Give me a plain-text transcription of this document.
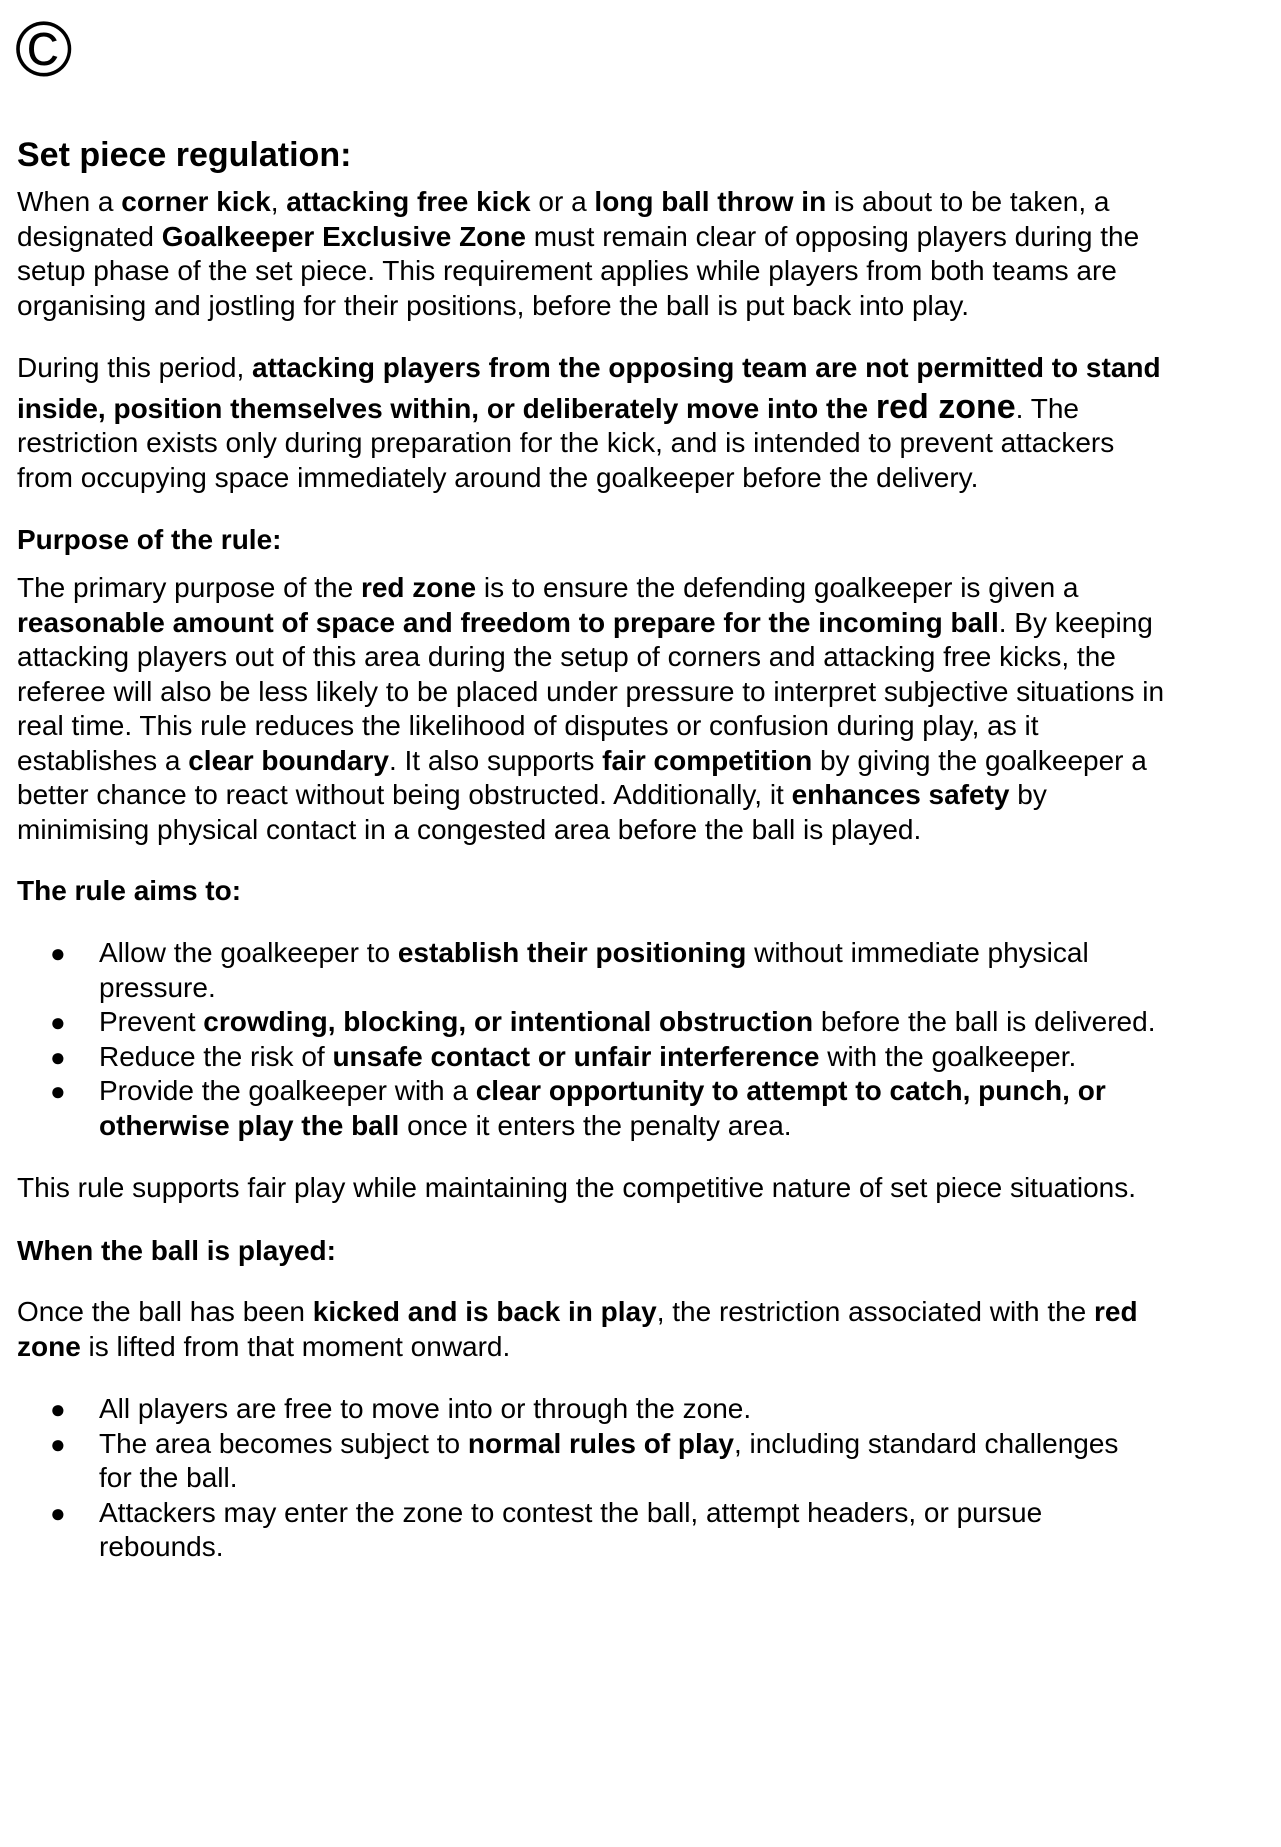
©
Set piece regulation:

When a corner kick, attacking free kick or a long ball throw in is about to be taken, a

designated Goalkeeper Exclusive Zone must remain clear of opposing players during the

setup phase of the set piece. This requirement applies while players from both teams are

organising and jostling for their positions, before the ball is put back into play.

During this period, attacking players from the opposing team are not permitted to stand

inside, position themselves within, or deliberately move into the red zone. The

restriction exists only during preparation for the kick, and is intended to prevent attackers

from occupying space immediately around the goalkeeper before the delivery.

Purpose of the rule:

The primary purpose of the red zone is to ensure the defending goalkeeper is given a

reasonable amount of space and freedom to prepare for the incoming ball. By keeping

attacking players out of this area during the setup of corners and attacking free kicks, the

referee will also be less likely to be placed under pressure to interpret subjective situations in

real time. This rule reduces the likelihood of disputes or confusion during play, as it

establishes a clear boundary. It also supports fair competition by giving the goalkeeper a

better chance to react without being obstructed. Additionally, it enhances safety by

minimising physical contact in a congested area before the ball is played.

The rule aims to:

● Allow the goalkeeper to establish their positioning without immediate physical
pressure.
● Prevent crowding, blocking, or intentional obstruction before the ball is delivered.
● Reduce the risk of unsafe contact or unfair interference with the goalkeeper.
● Provide the goalkeeper with a clear opportunity to attempt to catch, punch, or
otherwise play the ball once it enters the penalty area.

This rule supports fair play while maintaining the competitive nature of set piece situations.

When the ball is played:

Once the ball has been kicked and is back in play, the restriction associated with the red

zone is lifted from that moment onward.

● All players are free to move into or through the zone.
● The area becomes subject to normal rules of play, including standard challenges
for the ball.
● Attackers may enter the zone to contest the ball, attempt headers, or pursue
rebounds.
